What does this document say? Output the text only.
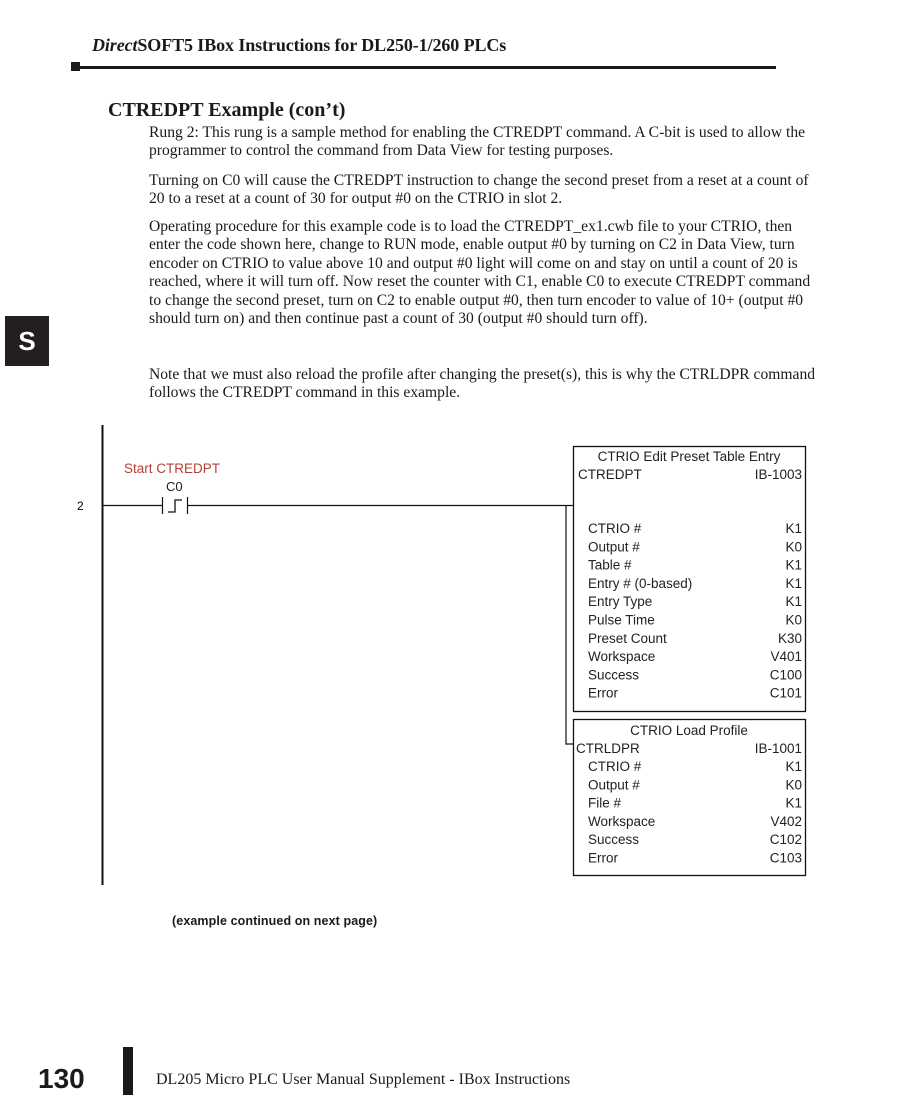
DirectSOFT5 IBox Instructions for DL250-1/260 PLCs
S
CTREDPT Example (con’t)

Rung 2: This rung is a sample method for enabling the CTREDPT command. A C-bit is used to allow the programmer to control the command from Data View for testing purposes.

Turning on C0 will cause the CTREDPT instruction to change the second preset from a reset at a count of 20 to a reset at a count of 30 for output #0 on the CTRIO in slot 2.

Operating procedure for this example code is to load the CTREDPT_ex1.cwb file to your CTRIO, then enter the code shown here, change to RUN mode, enable output #0 by turning on C2 in Data View, turn encoder on CTRIO to value above 10 and output #0 light will come on and stay on until a count of 20 is reached, where it will turn off. Now reset the counter with C1, enable C0 to execute CTREDPT command to change the second preset, turn on C2 to enable output #0, then turn encoder to value of 10+ (output #0 should turn on) and then continue past a count of 30 (output #0 should turn off).

Note that we must also reload the profile after changing the preset(s), this is why the CTRLDPR command follows the CTREDPT command in this example.

2
Start CTREDPT
C0
CTRIO Edit Preset Table Entry
CTREDPT	IB-1003
CTRIO #	K1
Output #	K0
Table #	K1
Entry # (0-based)	K1
Entry Type	K1
Pulse Time	K0
Preset Count	K30
Workspace	V401
Success	C100
Error	C101
CTRIO Load Profile
CTRLDPR	IB-1001
CTRIO #	K1
Output #	K0
File #	K1
Workspace	V402
Success	C102
Error	C103
(example continued on next page)
130	DL205 Micro PLC User Manual Supplement - IBox Instructions
